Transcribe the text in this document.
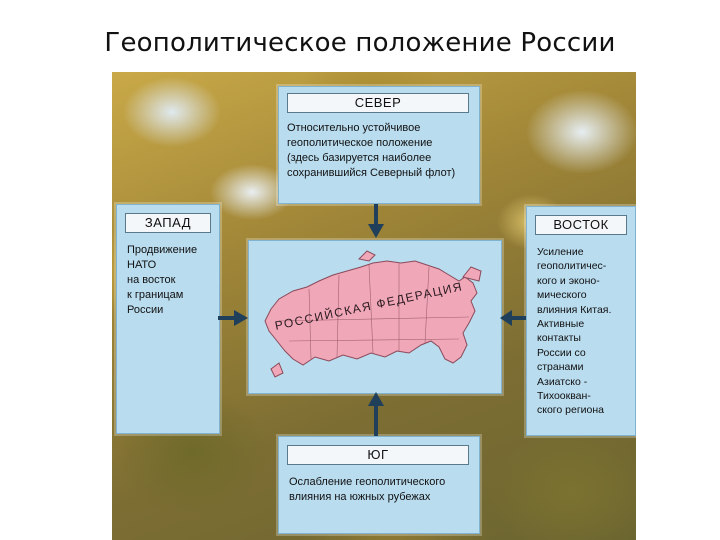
Геополитическое положение России
СЕВЕР
Относительно устойчивое
геополитическое положение
(здесь базируется наиболее
сохранившийся Северный флот)
ЗАПАД
Продвижение
НАТО
на восток
к границам
России
ВОСТОК
Усиление
геополитичес-
кого и эконо-
мического
влияния Китая.
Активные
контакты
России со
странами
Азиатско -
Тихоокван-
ского региона
РОССИЙСКАЯ ФЕДЕРАЦИЯ
ЮГ
Ослабление геополитического
влияния на южных рубежах
